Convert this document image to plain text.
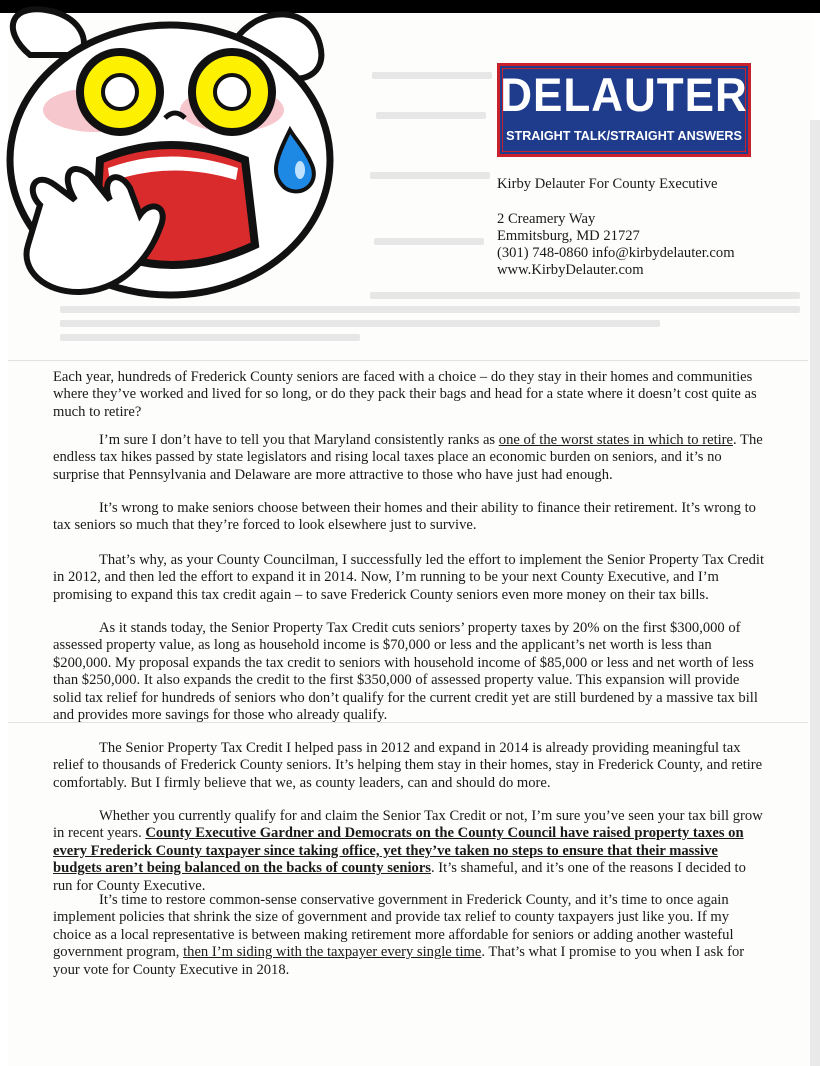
DELAUTER
STRAIGHT TALK/STRAIGHT ANSWERS
Kirby Delauter For County Executive
2 Creamery Way
Emmitsburg, MD 21727
(301) 748-0860 info@kirbydelauter.com
www.KirbyDelauter.com
Each year, hundreds of Frederick County seniors are faced with a choice – do they stay in their homes and communities where they’ve worked and lived for so long, or do they pack their bags and head for a state where it doesn’t cost quite as much to retire?
I’m sure I don’t have to tell you that Maryland consistently ranks as one of the worst states in which to retire. The endless tax hikes passed by state legislators and rising local taxes place an economic burden on seniors, and it’s no surprise that Pennsylvania and Delaware are more attractive to those who have just had enough.
It’s wrong to make seniors choose between their homes and their ability to finance their retirement. It’s wrong to tax seniors so much that they’re forced to look elsewhere just to survive.
That’s why, as your County Councilman, I successfully led the effort to implement the Senior Property Tax Credit in 2012, and then led the effort to expand it in 2014. Now, I’m running to be your next County Executive, and I’m promising to expand this tax credit again – to save Frederick County seniors even more money on their tax bills.
As it stands today, the Senior Property Tax Credit cuts seniors’ property taxes by 20% on the first $300,000 of assessed property value, as long as household income is $70,000 or less and the applicant’s net worth is less than $200,000. My proposal expands the tax credit to seniors with household income of $85,000 or less and net worth of less than $250,000. It also expands the credit to the first $350,000 of assessed property value. This expansion will provide solid tax relief for hundreds of seniors who don’t qualify for the current credit yet are still burdened by a massive tax bill and provides more savings for those who already qualify.
The Senior Property Tax Credit I helped pass in 2012 and expand in 2014 is already providing meaningful tax relief to thousands of Frederick County seniors. It’s helping them stay in their homes, stay in Frederick County, and retire comfortably. But I firmly believe that we, as county leaders, can and should do more.
Whether you currently qualify for and claim the Senior Tax Credit or not, I’m sure you’ve seen your tax bill grow in recent years. County Executive Gardner and Democrats on the County Council have raised property taxes on every Frederick County taxpayer since taking office, yet they’ve taken no steps to ensure that their massive budgets aren’t being balanced on the backs of county seniors. It’s shameful, and it’s one of the reasons I decided to run for County Executive.
It’s time to restore common-sense conservative government in Frederick County, and it’s time to once again implement policies that shrink the size of government and provide tax relief to county taxpayers just like you. If my choice as a local representative is between making retirement more affordable for seniors or adding another wasteful government program, then I’m siding with the taxpayer every single time. That’s what I promise to you when I ask for your vote for County Executive in 2018.
